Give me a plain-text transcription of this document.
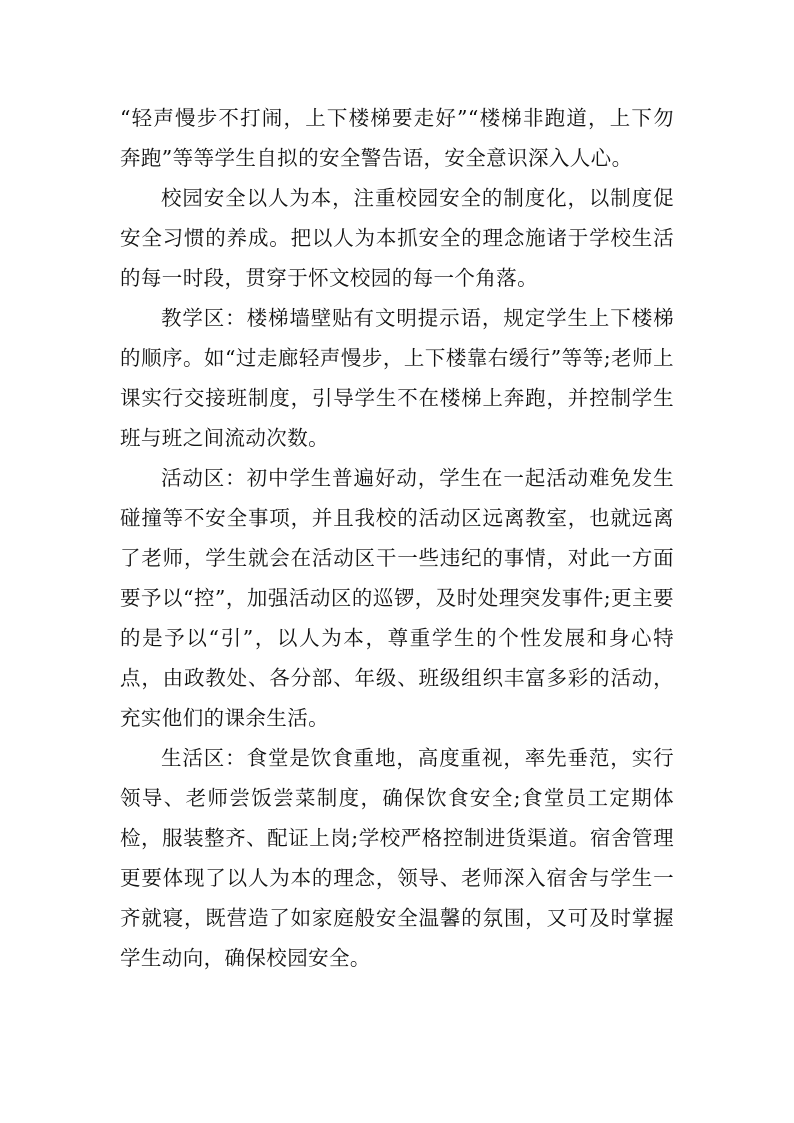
“轻声慢步不打闹，上下楼梯要走好”“楼梯非跑道，上下勿奔跑”等等学生自拟的安全警告语，安全意识深入人心。

校园安全以人为本，注重校园安全的制度化，以制度促安全习惯的养成。把以人为本抓安全的理念施诸于学校生活的每一时段，贯穿于怀文校园的每一个角落。

教学区：楼梯墙壁贴有文明提示语，规定学生上下楼梯的顺序。如“过走廊轻声慢步，上下楼靠右缓行”等等;老师上课实行交接班制度，引导学生不在楼梯上奔跑，并控制学生班与班之间流动次数。

活动区：初中学生普遍好动，学生在一起活动难免发生碰撞等不安全事项，并且我校的活动区远离教室，也就远离了老师，学生就会在活动区干一些违纪的事情，对此一方面要予以“控”，加强活动区的巡锣，及时处理突发事件;更主要的是予以“引”，以人为本，尊重学生的个性发展和身心特点，由政教处、各分部、年级、班级组织丰富多彩的活动，充实他们的课余生活。

生活区：食堂是饮食重地，高度重视，率先垂范，实行领导、老师尝饭尝菜制度，确保饮食安全;食堂员工定期体检，服装整齐、配证上岗;学校严格控制进货渠道。宿舍管理更要体现了以人为本的理念，领导、老师深入宿舍与学生一齐就寝，既营造了如家庭般安全温馨的氛围，又可及时掌握学生动向，确保校园安全。
